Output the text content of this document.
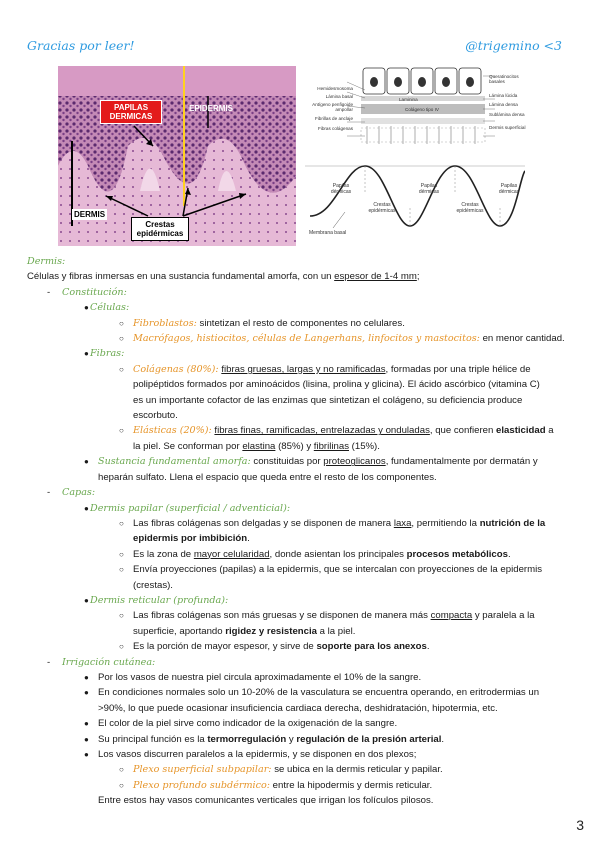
Gracias por leer!	@trigemino <3
PAPILAS
DERMICAS
EPIDERMIS
DERMIS
Crestas
epidérmicas
Hemidesmosoma
Lámina basal
Antígeno penfigoide ampollar
Fibrillas de anclaje
Fibras colágenas
Queratinocitos basales
Lámina lúcida
Lámina densa
Sublámina densa
Dermis superficial
Laminina
Colágeno tipo IV
Papilas dérmicas
Papilas dérmicas
Papilas dérmicas
Crestas epidérmicas
Crestas epidérmicas
Membrana basal
Dermis:
Células y fibras inmersas en una sustancia fundamental amorfa, con un espesor de 1-4 mm;
- Constitución:
● Células:
○ Fibroblastos: sintetizan el resto de componentes no celulares.
○ Macrófagos, histiocitos, células de Langerhans, linfocitos y mastocitos: en menor cantidad.
● Fibras:
○ Colágenas (80%): fibras gruesas, largas y no ramificadas, formadas por una triple hélice de
polipéptidos formados por aminoácidos (lisina, prolina y glicina). El ácido ascórbico (vitamina C)
es un importante cofactor de las enzimas que sintetizan el colágeno, su deficiencia produce
escorbuto.
○ Elásticas (20%): fibras finas, ramificadas, entrelazadas y onduladas, que confieren elasticidad a
la piel. Se conforman por elastina (85%) y fibrilinas (15%).
● Sustancia fundamental amorfa: constituidas por proteoglicanos, fundamentalmente por dermatán y
heparán sulfato. Llena el espacio que queda entre el resto de los componentes.
- Capas:
● Dermis papilar (superficial / adventicial):
○ Las fibras colágenas son delgadas y se disponen de manera laxa, permitiendo la nutrición de la
epidermis por imbibición.
○ Es la zona de mayor celularidad, donde asientan los principales procesos metabólicos.
○ Envía proyecciones (papilas) a la epidermis, que se intercalan con proyecciones de la epidermis
(crestas).
● Dermis reticular (profunda):
○ Las fibras colágenas son más gruesas y se disponen de manera más compacta y paralela a la
superficie, aportando rigidez y resistencia a la piel.
○ Es la porción de mayor espesor, y sirve de soporte para los anexos.
- Irrigación cutánea:
● Por los vasos de nuestra piel circula aproximadamente el 10% de la sangre.
● En condiciones normales solo un 10-20% de la vasculatura se encuentra operando, en eritrodermias un
>90%, lo que puede ocasionar insuficiencia cardiaca derecha, deshidratación, hipotermia, etc.
● El color de la piel sirve como indicador de la oxigenación de la sangre.
● Su principal función es la termorregulación y regulación de la presión arterial.
● Los vasos discurren paralelos a la epidermis, y se disponen en dos plexos;
○ Plexo superficial subpapilar: se ubica en la dermis reticular y papilar.
○ Plexo profundo subdérmico: entre la hipodermis y dermis reticular.
Entre estos hay vasos comunicantes verticales que irrigan los folículos pilosos.
3
